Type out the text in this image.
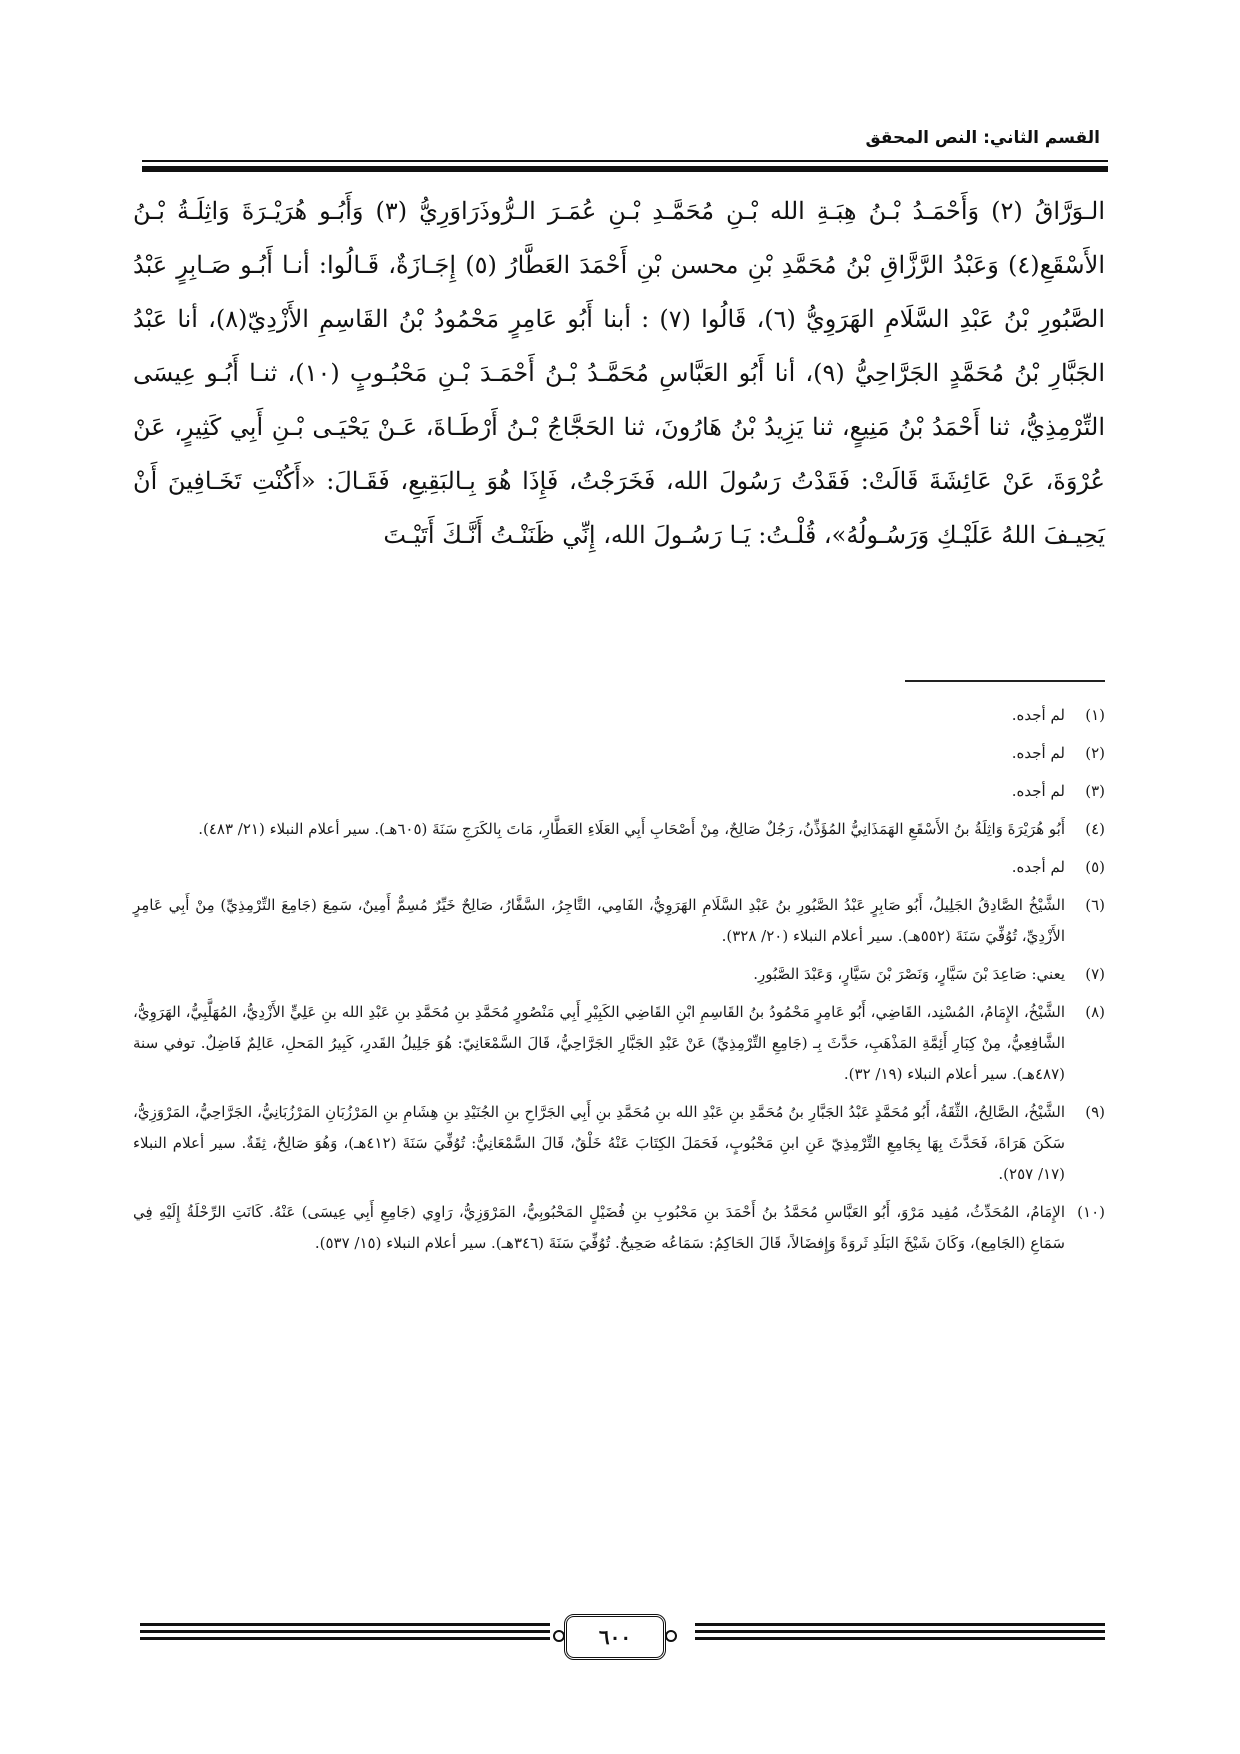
القسم الثاني: النص المحقق

الـوَرَّاقُ (٢) وَأَحْمَـدُ بْـنُ هِبَـةِ الله بْـنِ مُحَمَّـدِ بْـنِ عُمَـرَ الـرُّوذَرَاوَرِيُّ (٣) وَأَبُـو هُرَيْـرَةَ وَاثِلَـةُ بْـنُ الأَسْقَعِ(٤) وَعَبْدُ الرَّزَّاقِ بْنُ مُحَمَّدِ بْنِ محسن بْنِ أَحْمَدَ العَطَّارُ (٥) إِجَـازَةٌ، قَـالُوا: أنـا أَبُـو صَـابِرٍ عَبْدُ الصَّبُورِ بْنُ عَبْدِ السَّلَامِ الهَرَوِيُّ (٦)، قَالُوا (٧) : أبنا أَبُو عَامِرٍ مَحْمُودُ بْنُ القَاسِمِ الأَزْدِيّ(٨)، أنا عَبْدُ الجَبَّارِ بْنُ مُحَمَّدٍ الجَرَّاحِيُّ (٩)، أنا أَبُو العَبَّاسِ مُحَمَّـدُ بْـنُ أَحْمَـدَ بْـنِ مَحْبُـوبٍ (١٠)، ثنـا أَبُـو عِيسَى التِّرْمِذِيُّ، ثنا أَحْمَدُ بْنُ مَنِيعٍ، ثنا يَزِيدُ بْنُ هَارُونَ، ثنا الحَجَّاجُ بْـنُ أَرْطَـاةَ، عَـنْ يَحْيَـى بْـنِ أَبِي كَثِيرٍ، عَنْ عُرْوَةَ، عَنْ عَائِشَةَ قَالَتْ: فَقَدْتُ رَسُولَ الله، فَخَرَجْتُ، فَإِذَا هُوَ بِـالبَقِيعِ، فَقَـالَ: «أَكُنْتِ تَخَـافِينَ أَنْ يَحِيـفَ اللهُ عَلَيْـكِ وَرَسُـولُهُ»، قُلْـتُ: يَـا رَسُـولَ الله، إِنِّي ظَنَنْـتُ أَنَّـكَ أَتَيْـتَ

(١)لم أجده.
(٢)لم أجده.
(٣)لم أجده.
(٤)أَبُو هُرَيْرَةَ وَاثِلَةُ بنُ الأَسْقَعِ الهَمَذَانِيُّ المُؤَذِّنُ، رَجُلٌ صَالِحٌ، مِنْ أَصْحَابِ أَبِي العَلَاءِ العَطَّارِ، مَاتَ بِالكَرَجِ سَنَةَ (٦٠٥هـ). سير أعلام النبلاء (٢١/ ٤٨٣).
(٥)لم أجده.
(٦)الشَّيْخُ الصَّادِقُ الجَلِيلُ، أَبُو صَابِرٍ عَبْدُ الصَّبُورِ بنُ عَبْدِ السَّلَامِ الهَرَوِيُّ، الفَامِي، التَّاجِرُ، السَّفَّارُ، صَالِحٌ خَيِّرٌ مُسِمٌّ أَمِينٌ، سَمِعَ (جَامِعَ التِّرْمِذِيِّ) مِنْ أَبِي عَامِرٍ الأَزْدِيِّ، تُوُفِّيَ سَنَةَ (٥٥٢هـ). سير أعلام النبلاء (٢٠/ ٣٢٨).
(٧)يعني: صَاعِدَ بْنَ سَيَّارٍ، وَنَصْرَ بْنَ سَيَّارٍ، وَعَبْدَ الصَّبُورِ.
(٨)الشَّيْخُ، الإِمَامُ، المُسْنِد، القَاضِي، أَبُو عَامِرٍ مَحْمُودُ بنُ القَاسِمِ ابْنِ القَاضِي الكَبِيْرِ أَبِي مَنْصُورٍ مُحَمَّدِ بنِ مُحَمَّدِ بنِ عَبْدِ الله بنِ عَلِيٍّ الأَزْدِيُّ، المُهَلَّبِيُّ، الهَرَوِيُّ، الشَّافِعِيُّ، مِنْ كِبَارِ أَئِمَّةِ المَذْهَبِ، حَدَّثَ بِـ (جَامِعِ التِّرْمِذِيِّ) عَنْ عَبْدِ الجَبَّارِ الجَرَّاحِيُّ، قَالَ السَّمْعَانِيّ: هُوَ جَلِيلُ القَدرِ، كَبِيرُ المَحلِ، عَالِمٌ فَاضِلٌ. توفي سنة (٤٨٧هـ). سير أعلام النبلاء (١٩/ ٣٢).
(٩)الشَّيْخُ، الصَّالِحُ، الثِّقَةُ، أَبُو مُحَمَّدٍ عَبْدُ الجَبَّارِ بنُ مُحَمَّدِ بنِ عَبْدِ الله بنِ مُحَمَّدِ بنِ أَبِي الجَرَّاحِ بنِ الجُنَيْدِ بنِ هِشَامِ بنِ المَرْزُبَانِ المَرْزُبَانِيُّ، الجَرَّاحِيُّ، المَرْوَزِيُّ، سَكَنَ هَرَاةَ، فَحَدَّثَ بِهَا بِجَامِعِ التِّرْمِذِيّ عَنِ ابنِ مَحْبُوبٍ، فَحَمَلَ الكِتَابَ عَنْهُ خَلْقٌ، قَالَ السَّمْعَانِيُّ: تُوُفِّيَ سَنَةَ (٤١٢هـ)، وَهُوَ صَالِحٌ، ثِقَةٌ. سير أعلام النبلاء (١٧/ ٢٥٧).
(١٠)الإِمَامُ، المُحَدِّثُ، مُفِيد مَرْوَ، أَبُو العَبَّاسِ مُحَمَّدُ بنُ أَحْمَدَ بنِ مَحْبُوبِ بنِ فُضَيْلٍ المَحْبُوبِيُّ، المَرْوَزِيُّ، رَاوِي (جَامِعِ أَبِي عِيسَى) عَنْهُ. كَانَتِ الرِّحْلَةُ إِلَيْهِ فِي سَمَاعِ (الجَامِع)، وَكَانَ شَيْخَ البَلَدِ ثَروَةً وَإِفضَالاً، قَالَ الحَاكِمُ: سَمَاعُه صَحِيحٌ. تُوُفِّيَ سَنَةَ (٣٤٦هـ). سير أعلام النبلاء (١٥/ ٥٣٧).
٦٠٠
